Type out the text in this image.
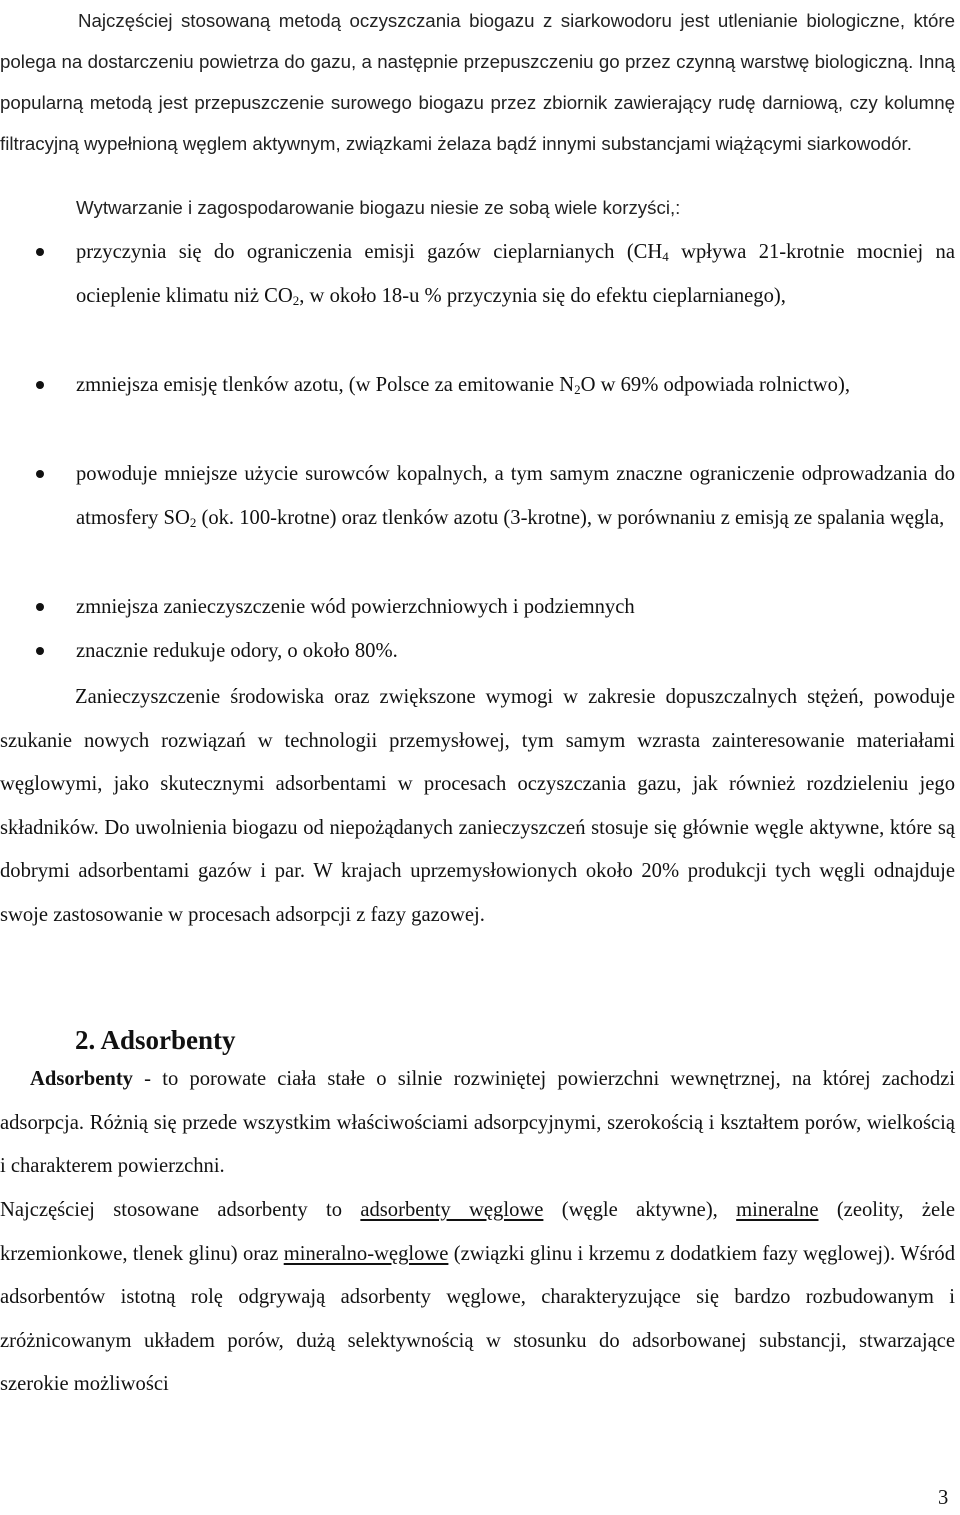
Najczęściej stosowaną metodą oczyszczania biogazu z siarkowodoru jest utlenianie biologiczne, które polega na dostarczeniu powietrza do gazu, a następnie przepuszczeniu go przez czynną warstwę biologiczną. Inną popularną metodą jest przepuszczenie surowego biogazu przez zbiornik zawierający rudę darniową, czy kolumnę filtracyjną wypełnioną węglem aktywnym, związkami żelaza bądź innymi substancjami wiążącymi siarkowodór.

Wytwarzanie i zagospodarowanie biogazu niesie ze sobą wiele korzyści,:

przyczynia się do ograniczenia emisji gazów cieplarnianych ($CH_4$ wpływa 21-krotnie mocniej na ocieplenie klimatu niż $CO_2$, w około 18-u % przyczynia się do efektu cieplarnianego),
zmniejsza emisję tlenków azotu, (w Polsce za emitowanie $N_2O$ w 69% odpowiada rolnictwo),
powoduje mniejsze użycie surowców kopalnych, a tym samym znaczne ograniczenie odprowadzania do atmosfery $SO_2$ (ok. 100-krotne) oraz tlenków azotu (3-krotne), w porównaniu z emisją ze spalania węgla,
zmniejsza zanieczyszczenie wód powierzchniowych i podziemnych
znacznie redukuje odory, o około 80%.

Zanieczyszczenie środowiska oraz zwiększone wymogi w zakresie dopuszczalnych stężeń, powoduje szukanie nowych rozwiązań w technologii przemysłowej, tym samym wzrasta zainteresowanie materiałami węglowymi, jako skutecznymi adsorbentami w procesach oczyszczania gazu, jak również rozdzieleniu jego składników. Do uwolnienia biogazu od niepożądanych zanieczyszczeń stosuje się głównie węgle aktywne, które są dobrymi adsorbentami gazów i par. W krajach uprzemysłowionych około 20% produkcji tych węgli odnajduje swoje zastosowanie w procesach adsorpcji z fazy gazowej.

2. Adsorbenty

Adsorbenty - to porowate ciała stałe o silnie rozwiniętej powierzchni wewnętrznej, na której zachodzi adsorpcja. Różnią się przede wszystkim właściwościami adsorpcyjnymi, szerokością i kształtem porów, wielkością i charakterem powierzchni.

Najczęściej stosowane adsorbenty to adsorbenty węglowe (węgle aktywne), mineralne (zeolity, żele krzemionkowe, tlenek glinu) oraz mineralno-węglowe (związki glinu i krzemu z dodatkiem fazy węglowej). Wśród adsorbentów istotną rolę odgrywają adsorbenty węglowe, charakteryzujące się bardzo rozbudowanym i zróżnicowanym układem porów, dużą selektywnością w stosunku do adsorbowanej substancji, stwarzające szerokie możliwości

3
